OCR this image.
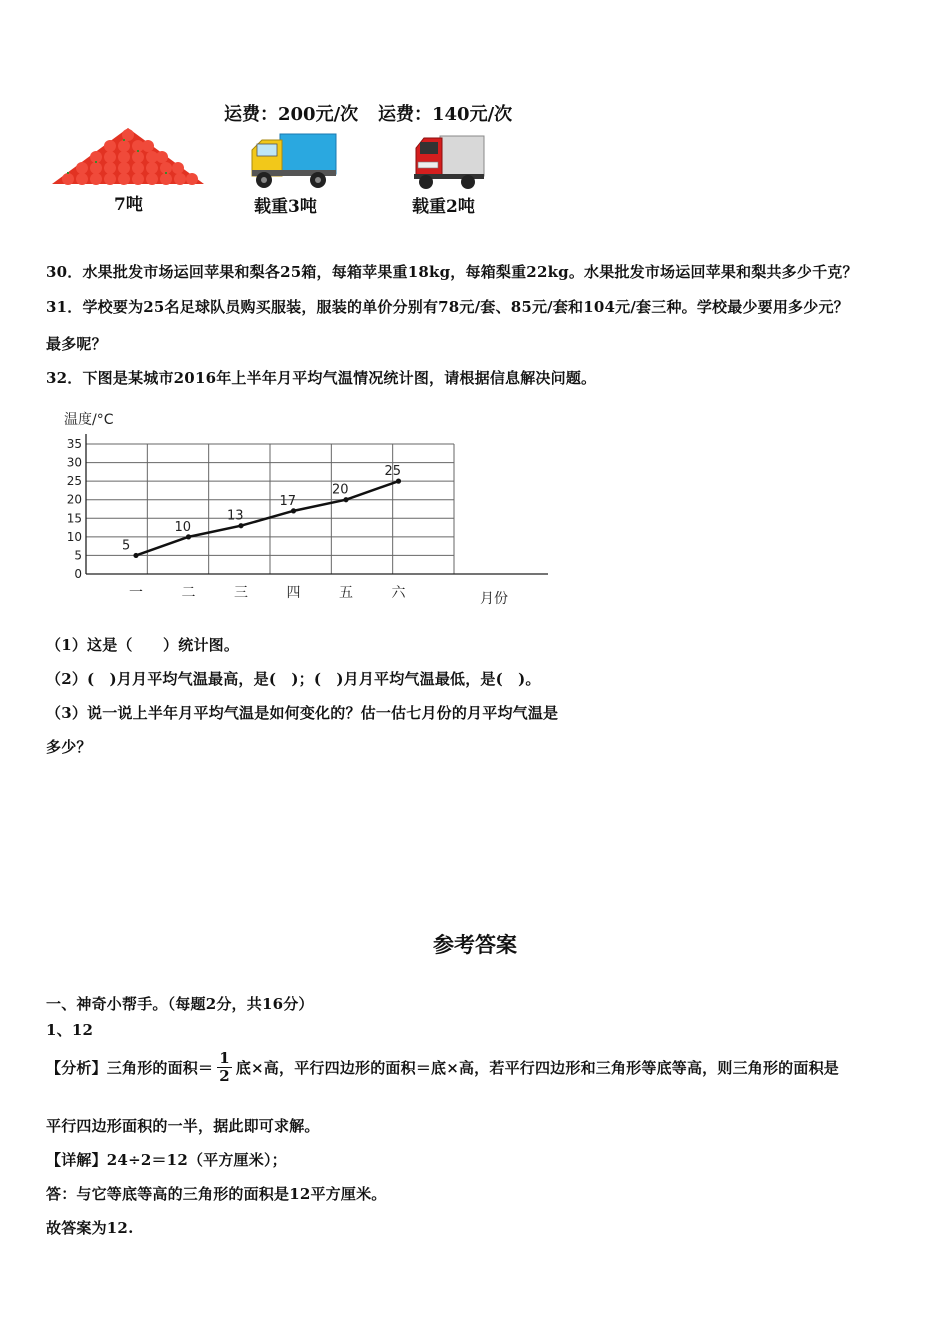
运费：200元/次 运费：140元/次
7吨	载重3吨	载重2吨
30．水果批发市场运回苹果和梨各25箱，每箱苹果重18kg，每箱梨重22kg。水果批发市场运回苹果和梨共多少千克？
31．学校要为25名足球队员购买服装，服装的单价分别有78元/套、85元/套和104元/套三种。学校最少要用多少元？
最多呢？
32．下图是某城市2016年上半年月平均气温情况统计图，请根据信息解决问题。
温度/°C
月份
0
5
10
15
20
25
30
35
一	二	三	四	五	六
5
10
13
17
20
25
（1）这是（　　）统计图。
（2）(　)月月平均气温最高，是(　)；(　)月月平均气温最低，是(　)。
（3）说一说上半年月平均气温是如何变化的？估一估七月份的月平均气温是
多少？
参考答案
一、神奇小帮手。（每题2分，共16分）
1、12
【分析】三角形的面积＝ $\frac{1}{2}$ 底×高，平行四边形的面积＝底×高，若平行四边形和三角形等底等高，则三角形的面积是
平行四边形面积的一半，据此即可求解。
【详解】24÷2＝12（平方厘米）；
答：与它等底等高的三角形的面积是12平方厘米。
故答案为12.
